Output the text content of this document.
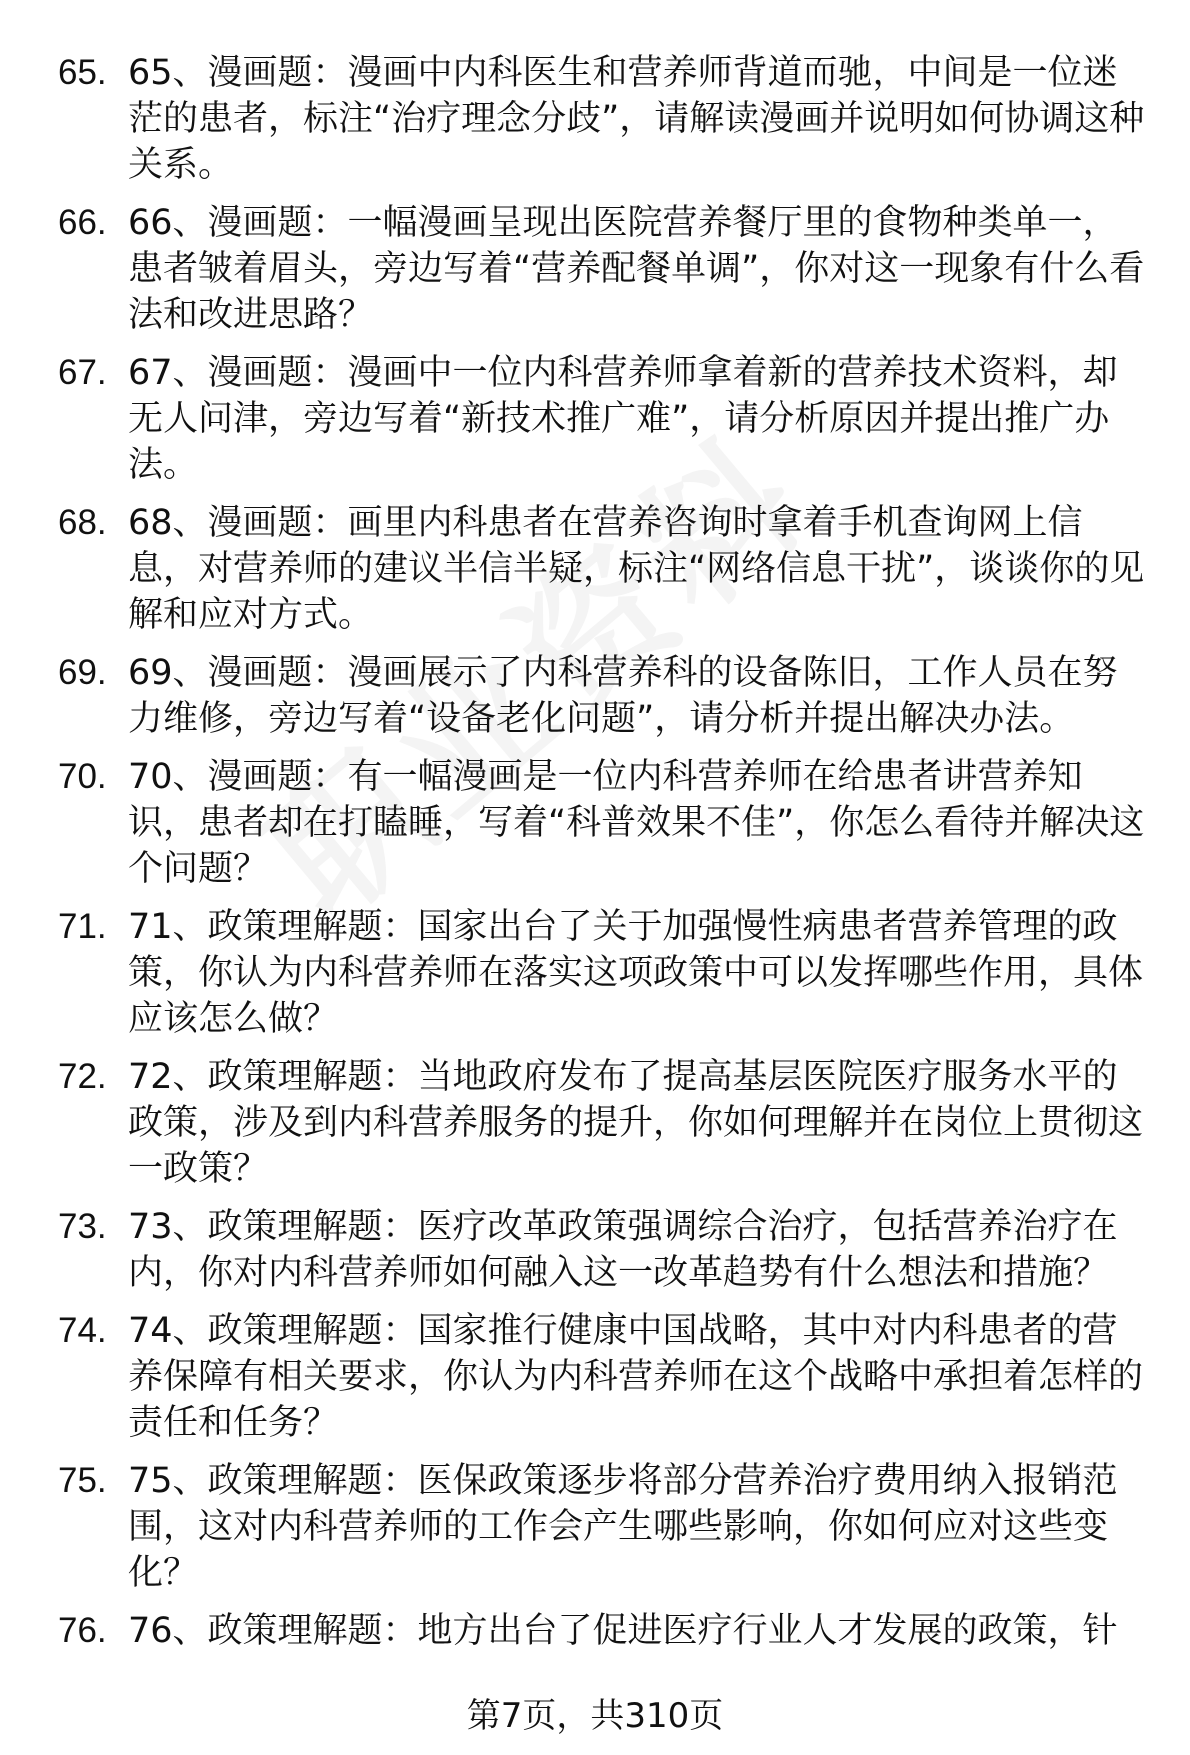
65. 65、漫画题：漫画中内科医生和营养师背道而驰，中间是一位迷茫的患者，标注“治疗理念分歧”，请解读漫画并说明如何协调这种关系。
66. 66、漫画题：一幅漫画呈现出医院营养餐厅里的食物种类单一，患者皱着眉头，旁边写着“营养配餐单调”，你对这一现象有什么看法和改进思路？
67. 67、漫画题：漫画中一位内科营养师拿着新的营养技术资料，却无人问津，旁边写着“新技术推广难”，请分析原因并提出推广办法。
68. 68、漫画题：画里内科患者在营养咨询时拿着手机查询网上信息，对营养师的建议半信半疑，标注“网络信息干扰”，谈谈你的见解和应对方式。
69. 69、漫画题：漫画展示了内科营养科的设备陈旧，工作人员在努力维修，旁边写着“设备老化问题”，请分析并提出解决办法。
70. 70、漫画题：有一幅漫画是一位内科营养师在给患者讲营养知识，患者却在打瞌睡，写着“科普效果不佳”，你怎么看待并解决这个问题？
71. 71、政策理解题：国家出台了关于加强慢性病患者营养管理的政策，你认为内科营养师在落实这项政策中可以发挥哪些作用，具体应该怎么做？
72. 72、政策理解题：当地政府发布了提高基层医院医疗服务水平的政策，涉及到内科营养服务的提升，你如何理解并在岗位上贯彻这一政策？
73. 73、政策理解题：医疗改革政策强调综合治疗，包括营养治疗在内，你对内科营养师如何融入这一改革趋势有什么想法和措施？
74. 74、政策理解题：国家推行健康中国战略，其中对内科患者的营养保障有相关要求，你认为内科营养师在这个战略中承担着怎样的责任和任务？
75. 75、政策理解题：医保政策逐步将部分营养治疗费用纳入报销范围，这对内科营养师的工作会产生哪些影响，你如何应对这些变化？
76. 76、政策理解题：地方出台了促进医疗行业人才发展的政策，针
第7页，共310页
